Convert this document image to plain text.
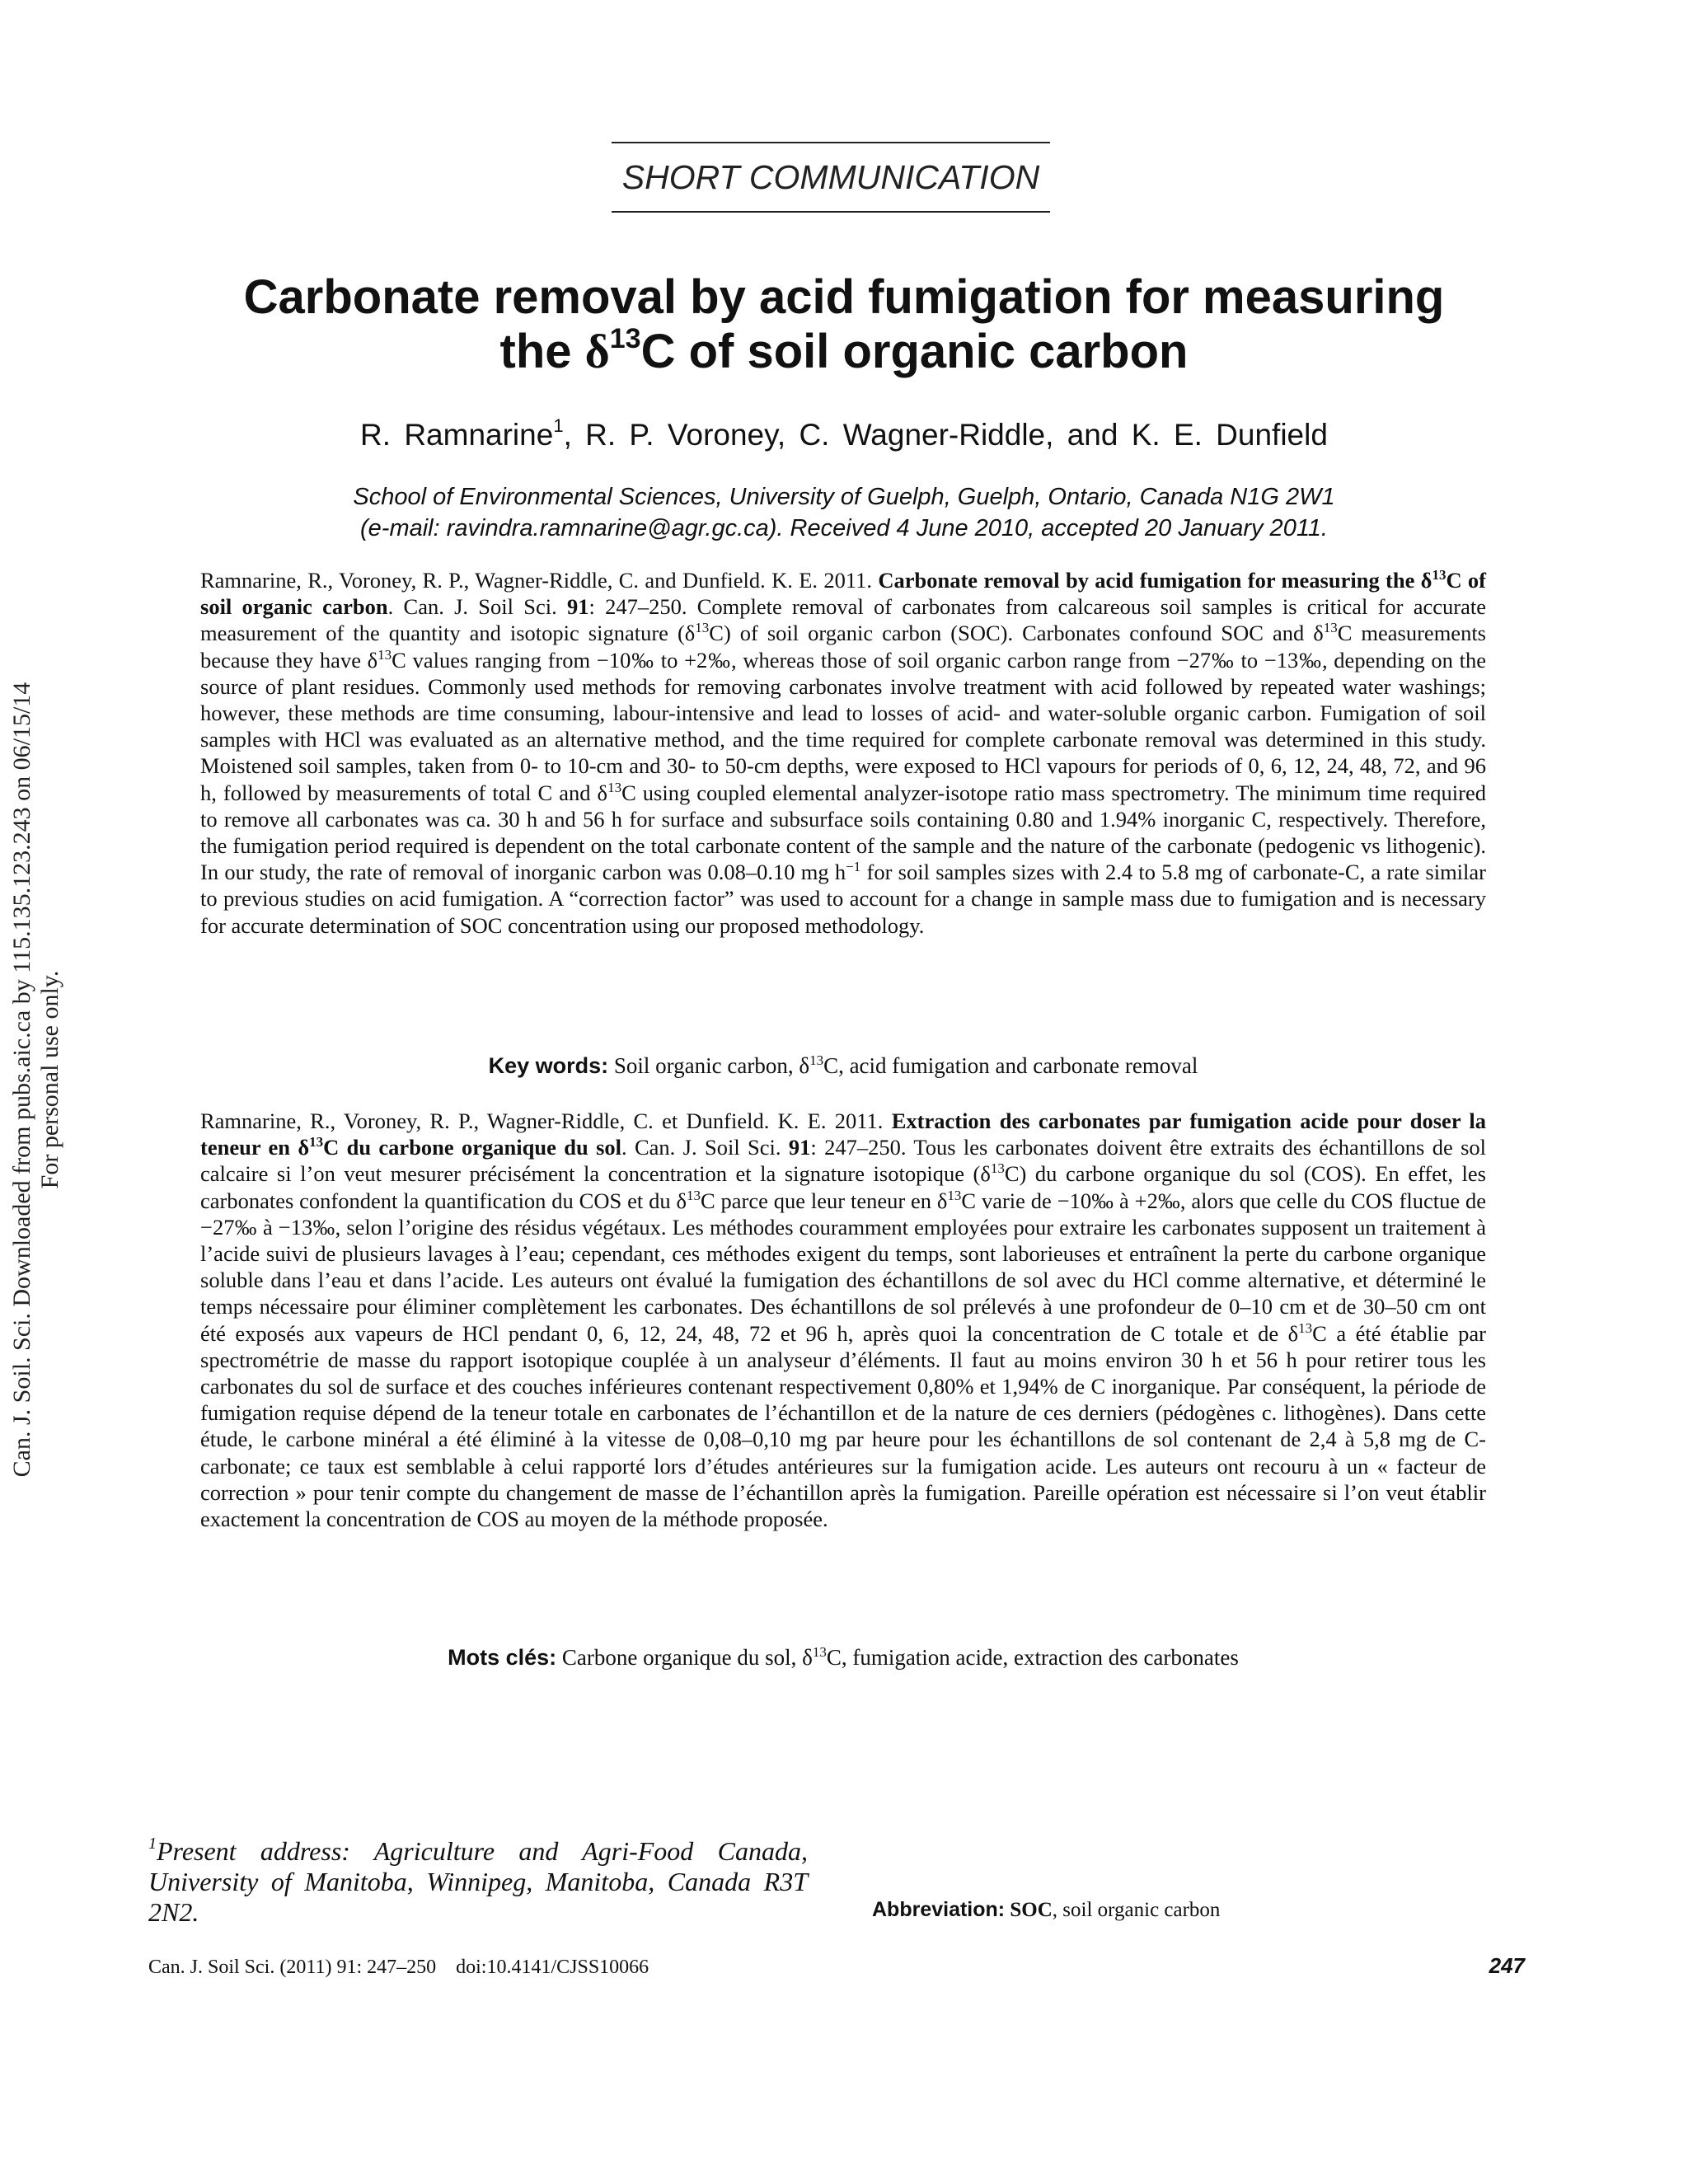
Can. J. Soil. Sci. Downloaded from pubs.aic.ca by 115.135.123.243 on 06/15/14 For personal use only.
SHORT COMMUNICATION
Carbonate removal by acid fumigation for measuring
the $\delta^{13}C$ of soil organic carbon
R. Ramnarine$^1$, R. P. Voroney, C. Wagner-Riddle, and K. E. Dunfield
School of Environmental Sciences, University of Guelph, Guelph, Ontario, Canada N1G 2W1
(e-mail: ravindra.ramnarine@agr.gc.ca). Received 4 June 2010, accepted 20 January 2011.
Ramnarine, R., Voroney, R. P., Wagner-Riddle, C. and Dunfield. K. E. 2011. Carbonate removal by acid fumigation for measuring the $\delta^{13}C$ of soil organic carbon. Can. J. Soil Sci. 91: 247–250. Complete removal of carbonates from calcareous soil samples is critical for accurate measurement of the quantity and isotopic signature $(\delta^{13}C)$ of soil organic carbon (SOC). Carbonates confound SOC and $\delta^{13}C$ measurements because they have $\delta^{13}C$ values ranging from −10‰ to +2‰, whereas those of soil organic carbon range from −27‰ to −13‰, depending on the source of plant residues. Commonly used methods for removing carbonates involve treatment with acid followed by repeated water washings; however, these methods are time consuming, labour-intensive and lead to losses of acid- and water-soluble organic carbon. Fumigation of soil samples with HCl was evaluated as an alternative method, and the time required for complete carbonate removal was determined in this study. Moistened soil samples, taken from 0- to 10-cm and 30- to 50-cm depths, were exposed to HCl vapours for periods of 0, 6, 12, 24, 48, 72, and 96 h, followed by measurements of total C and $\delta^{13}C$ using coupled elemental analyzer-isotope ratio mass spectrometry. The minimum time required to remove all carbonates was ca. 30 h and 56 h for surface and subsurface soils containing 0.80 and 1.94% inorganic C, respectively. Therefore, the fumigation period required is dependent on the total carbonate content of the sample and the nature of the carbonate (pedogenic vs lithogenic). In our study, the rate of removal of inorganic carbon was 0.08–0.10 mg $h^{-1}$ for soil samples sizes with 2.4 to 5.8 mg of carbonate-C, a rate similar to previous studies on acid fumigation. A “correction factor” was used to account for a change in sample mass due to fumigation and is necessary for accurate determination of SOC concentration using our proposed methodology.
Key words: Soil organic carbon, $\delta^{13}C$, acid fumigation and carbonate removal
Ramnarine, R., Voroney, R. P., Wagner-Riddle, C. et Dunfield. K. E. 2011. Extraction des carbonates par fumigation acide pour doser la teneur en $\delta^{13}C$ du carbone organique du sol. Can. J. Soil Sci. 91: 247–250. Tous les carbonates doivent être extraits des échantillons de sol calcaire si l’on veut mesurer précisément la concentration et la signature isotopique $(\delta^{13}C)$ du carbone organique du sol (COS). En effet, les carbonates confondent la quantification du COS et du $\delta^{13}C$ parce que leur teneur en $\delta^{13}C$ varie de −10‰ à +2‰, alors que celle du COS fluctue de −27‰ à −13‰, selon l’origine des résidus végétaux. Les méthodes couramment employées pour extraire les carbonates supposent un traitement à l’acide suivi de plusieurs lavages à l’eau; cependant, ces méthodes exigent du temps, sont laborieuses et entraînent la perte du carbone organique soluble dans l’eau et dans l’acide. Les auteurs ont évalué la fumigation des échantillons de sol avec du HCl comme alternative, et déterminé le temps nécessaire pour éliminer complètement les carbonates. Des échantillons de sol prélevés à une profondeur de 0–10 cm et de 30–50 cm ont été exposés aux vapeurs de HCl pendant 0, 6, 12, 24, 48, 72 et 96 h, après quoi la concentration de C totale et de $\delta^{13}C$ a été établie par spectrométrie de masse du rapport isotopique couplée à un analyseur d’éléments. Il faut au moins environ 30 h et 56 h pour retirer tous les carbonates du sol de surface et des couches inférieures contenant respectivement 0,80% et 1,94% de C inorganique. Par conséquent, la période de fumigation requise dépend de la teneur totale en carbonates de l’échantillon et de la nature de ces derniers (pédogènes c. lithogènes). Dans cette étude, le carbone minéral a été éliminé à la vitesse de 0,08–0,10 mg par heure pour les échantillons de sol contenant de 2,4 à 5,8 mg de C-carbonate; ce taux est semblable à celui rapporté lors d’études antérieures sur la fumigation acide. Les auteurs ont recouru à un « facteur de correction » pour tenir compte du changement de masse de l’échantillon après la fumigation. Pareille opération est nécessaire si l’on veut établir exactement la concentration de COS au moyen de la méthode proposée.
Mots clés: Carbone organique du sol, $\delta^{13}C$, fumigation acide, extraction des carbonates
$^1$Present address: Agriculture and Agri-Food Canada, University of Manitoba, Winnipeg, Manitoba, Canada R3T 2N2.	Abbreviation: SOC, soil organic carbon
Can. J. Soil Sci. (2011) 91: 247–250 doi:10.4141/CJSS10066	247
